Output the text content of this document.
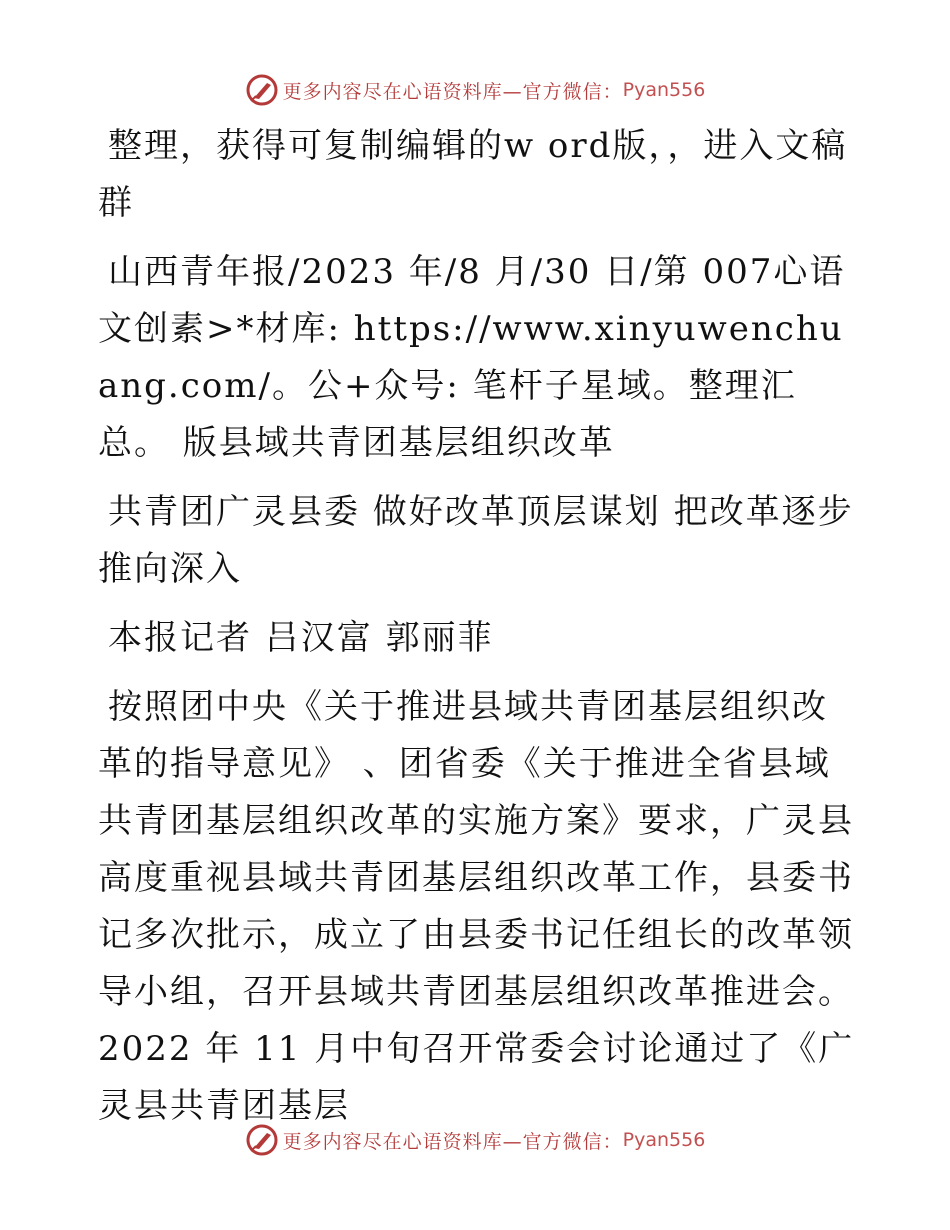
更多内容尽在心语资料库—官方微信： Pyan556

整理，获得可复制编辑的w ord版，，进入文稿群

山西青年报/2023 年/8 月/30 日/第 007心语文创素>*材库: https://www.xinyuwenchuang.com/。公+众号: 笔杆子星域。整理汇总。 版县域共青团基层组织改革

共青团广灵县委 做好改革顶层谋划 把改革逐步推向深入

本报记者 吕汉富 郭丽菲

按照团中央《关于推进县域共青团基层组织改革的指导意见》 、团省委《关于推进全省县域共青团基层组织改革的实施方案》要求，广灵县高度重视县域共青团基层组织改革工作，县委书记多次批示，成立了由县委书记任组长的改革领导小组，召开县域共青团基层组织改革推进会。2022 年 11 月中旬召开常委会讨论通过了《广灵县共青团基层

更多内容尽在心语资料库—官方微信： Pyan556
